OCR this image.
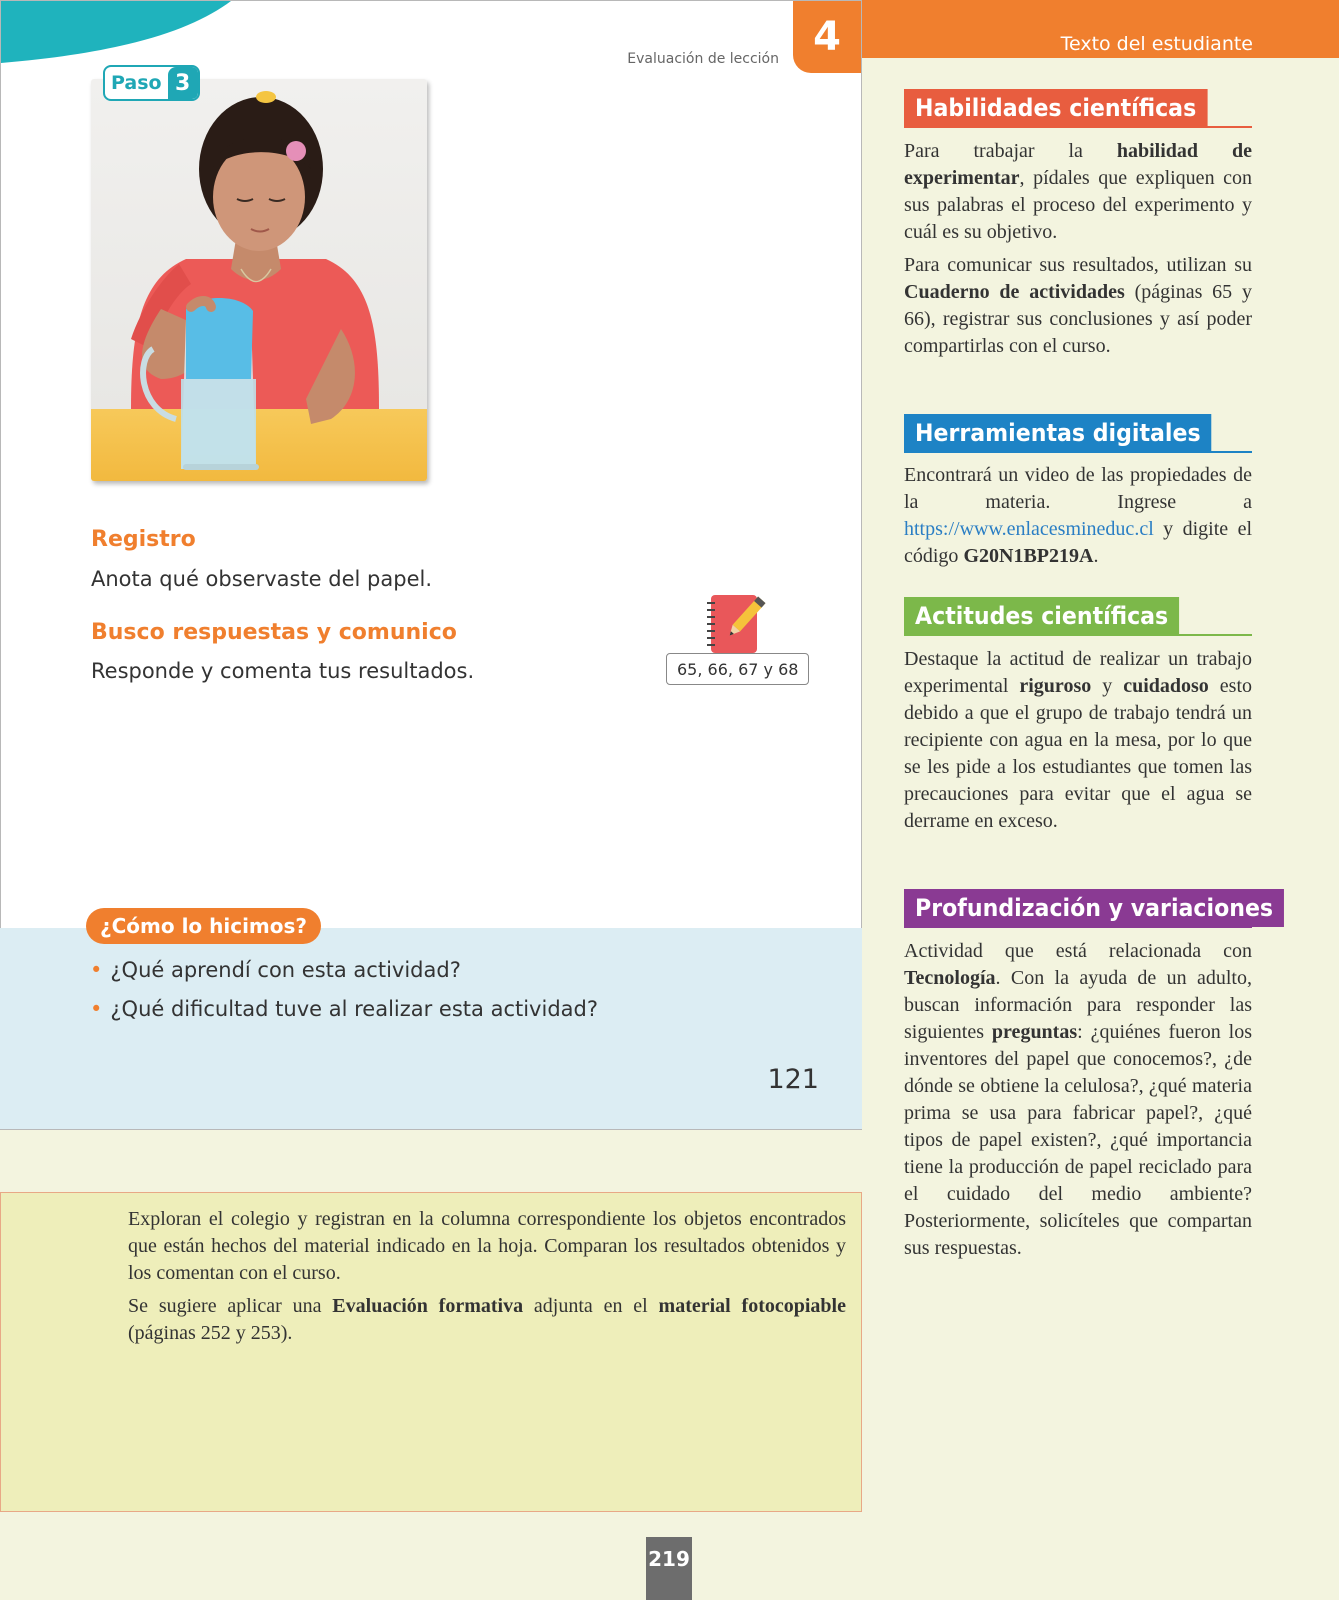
Evaluación de lección 4
Paso 3
Registro
Anota qué observaste del papel.
Busco respuestas y comunico
Responde y comenta tus resultados.	65, 66, 67 y 68
¿Cómo lo hicimos?
• ¿Qué aprendí con esta actividad?
• ¿Qué dificultad tuve al realizar esta actividad?
121
Exploran el colegio y registran en la columna correspondiente los objetos encontrados que están hechos del material indicado en la hoja. Comparan los resultados obtenidos y los comentan con el curso.
Se sugiere aplicar una Evaluación formativa adjunta en el material fotocopiable (páginas 252 y 253).
219
Texto del estudiante
Habilidades científicas

Para trabajar la habilidad de experimentar, pídales que expliquen con sus palabras el proceso del experimento y cuál es su objetivo.

Para comunicar sus resultados, utilizan su Cuaderno de actividades (páginas 65 y 66), registrar sus conclusiones y así poder compartirlas con el curso.

Herramientas digitales

Encontrará un video de las propiedades de la materia. Ingrese a https://www.enlacesmineduc.cl y digite el código G20N1BP219A.

Actitudes científicas

Destaque la actitud de realizar un trabajo experimental riguroso y cuidadoso esto debido a que el grupo de trabajo tendrá un recipiente con agua en la mesa, por lo que se les pide a los estudiantes que tomen las precauciones para evitar que el agua se derrame en exceso.

Profundización y variaciones

Actividad que está relacionada con Tecnología. Con la ayuda de un adulto, buscan información para responder las siguientes preguntas: ¿quiénes fueron los inventores del papel que conocemos?, ¿de dónde se obtiene la celulosa?, ¿qué materia prima se usa para fabricar papel?, ¿qué tipos de papel existen?, ¿qué importancia tiene la producción de papel reciclado para el cuidado del medio ambiente? Posteriormente, solicíteles que compartan sus respuestas.
